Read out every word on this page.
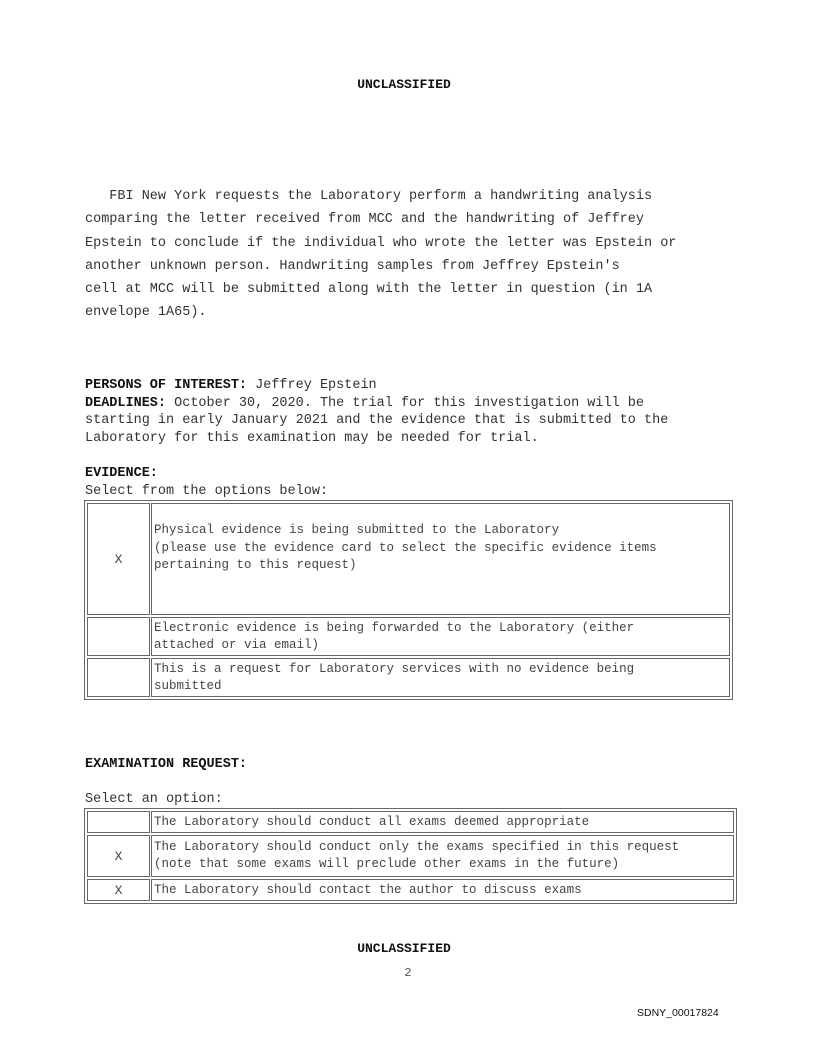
UNCLASSIFIED
FBI New York requests the Laboratory perform a handwriting analysis
comparing the letter received from MCC and the handwriting of Jeffrey
Epstein to conclude if the individual who wrote the letter was Epstein or
another unknown person. Handwriting samples from Jeffrey Epstein's
cell at MCC will be submitted along with the letter in question (in 1A
envelope 1A65).
PERSONS OF INTEREST: Jeffrey Epstein
DEADLINES: October 30, 2020. The trial for this investigation will be
starting in early January 2021 and the evidence that is submitted to the
Laboratory for this examination may be needed for trial.
EVIDENCE:
Select from the options below:
X
Physical evidence is being submitted to the Laboratory
(please use the evidence card to select the specific evidence items
pertaining to this request)
Electronic evidence is being forwarded to the Laboratory (either
attached or via email)
This is a request for Laboratory services with no evidence being
submitted
EXAMINATION REQUEST:
Select an option:
The Laboratory should conduct all exams deemed appropriate
X
The Laboratory should conduct only the exams specified in this request
(note that some exams will preclude other exams in the future)
X	The Laboratory should contact the author to discuss exams
UNCLASSIFIED
2
SDNY_00017824
